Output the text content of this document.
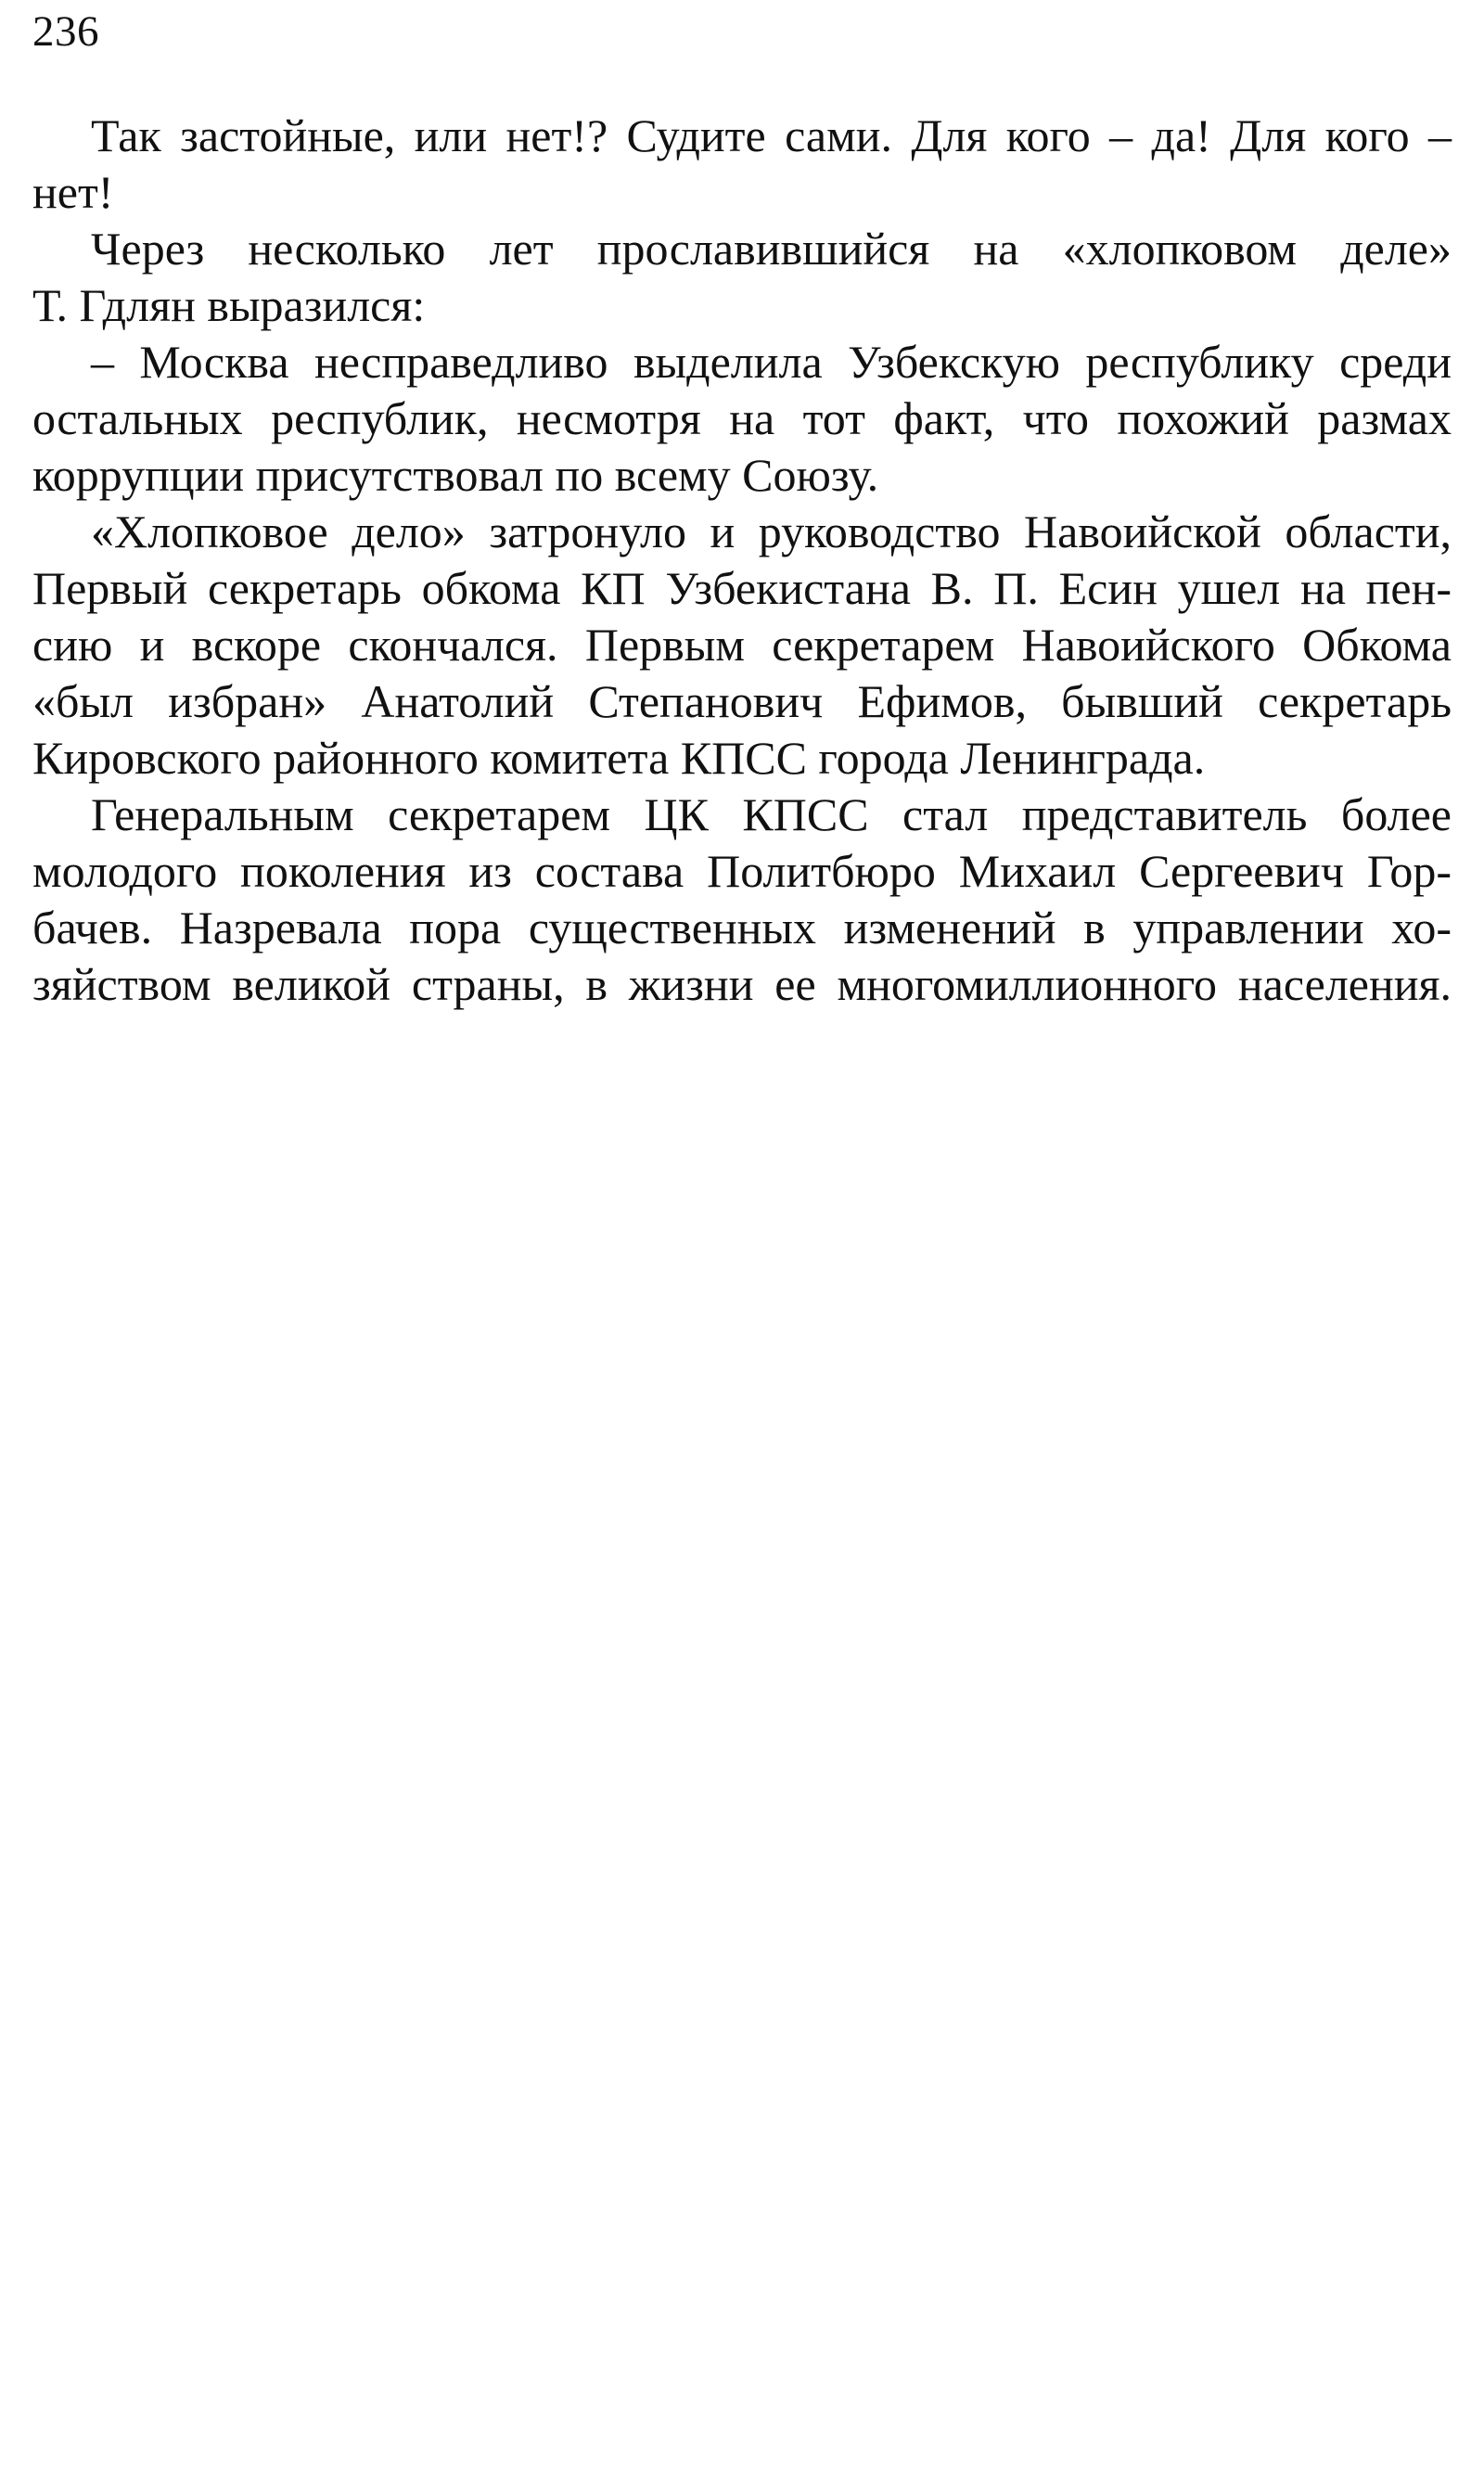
236
Так застойные, или нет!? Судите сами. Для кого – да! Для кого –
нет!
Через несколько лет прославившийся на «хлопковом деле»
Т. Гдлян выразился:
– Москва несправедливо выделила Узбекскую республику среди
остальных республик, несмотря на тот факт, что похожий размах
коррупции присутствовал по всему Союзу.
«Хлопковое дело» затронуло и руководство Навоийской области,
Первый секретарь обкома КП Узбекистана В. П. Есин ушел на пен-
сию и вскоре скончался. Первым секретарем Навоийского Обкома
«был избран» Анатолий Степанович Ефимов, бывший секретарь
Кировского районного комитета КПСС города Ленинграда.
Генеральным секретарем ЦК КПСС стал представитель более
молодого поколения из состава Политбюро Михаил Сергеевич Гор-
бачев. Назревала пора существенных изменений в управлении хо-
зяйством великой страны, в жизни ее многомиллионного населения.
